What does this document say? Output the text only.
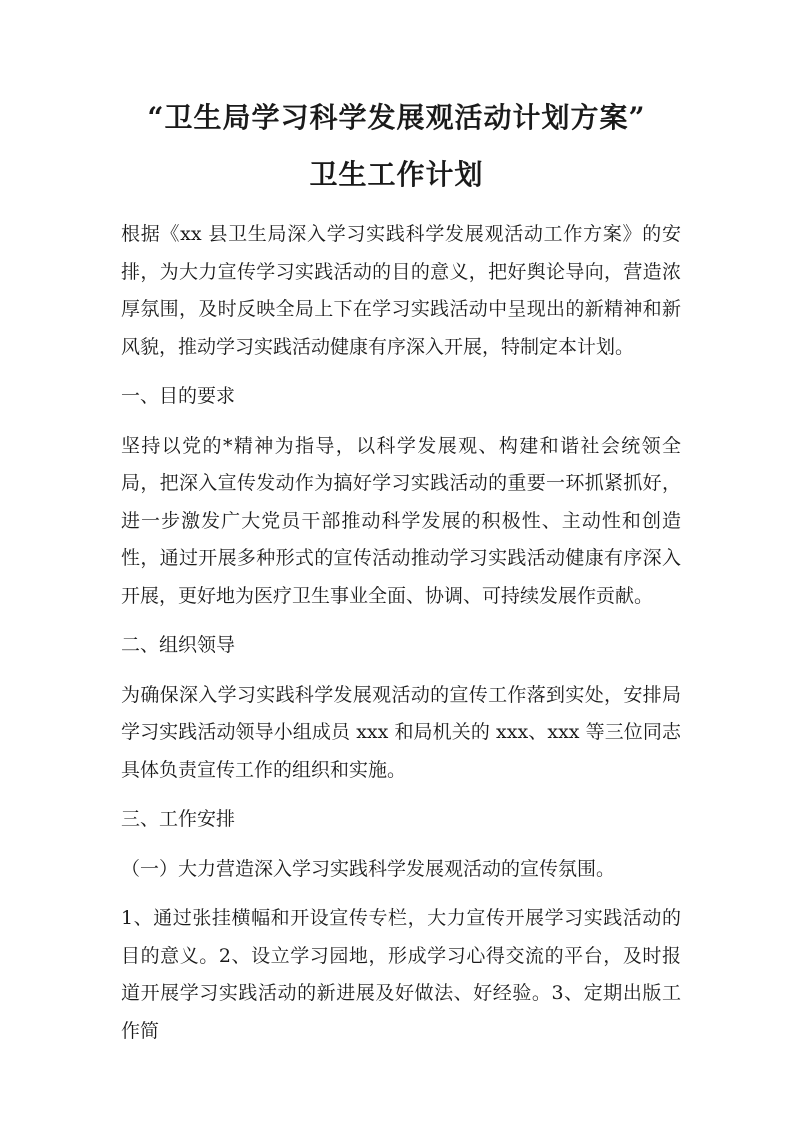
“卫生局学习科学发展观活动计划方案”
卫生工作计划

根据《xx 县卫生局深入学习实践科学发展观活动工作方案》的安排，为大力宣传学习实践活动的目的意义，把好舆论导向，营造浓厚氛围，及时反映全局上下在学习实践活动中呈现出的新精神和新风貌，推动学习实践活动健康有序深入开展，特制定本计划。

一、目的要求

坚持以党的*精神为指导，以科学发展观、构建和谐社会统领全局，把深入宣传发动作为搞好学习实践活动的重要一环抓紧抓好，进一步激发广大党员干部推动科学发展的积极性、主动性和创造性，通过开展多种形式的宣传活动推动学习实践活动健康有序深入开展，更好地为医疗卫生事业全面、协调、可持续发展作贡献。

二、组织领导

为确保深入学习实践科学发展观活动的宣传工作落到实处，安排局学习实践活动领导小组成员 xxx 和局机关的 xxx、xxx 等三位同志具体负责宣传工作的组织和实施。

三、工作安排

（一）大力营造深入学习实践科学发展观活动的宣传氛围。

1、通过张挂横幅和开设宣传专栏，大力宣传开展学习实践活动的目的意义。2、设立学习园地，形成学习心得交流的平台，及时报道开展学习实践活动的新进展及好做法、好经验。3、定期出版工作简
